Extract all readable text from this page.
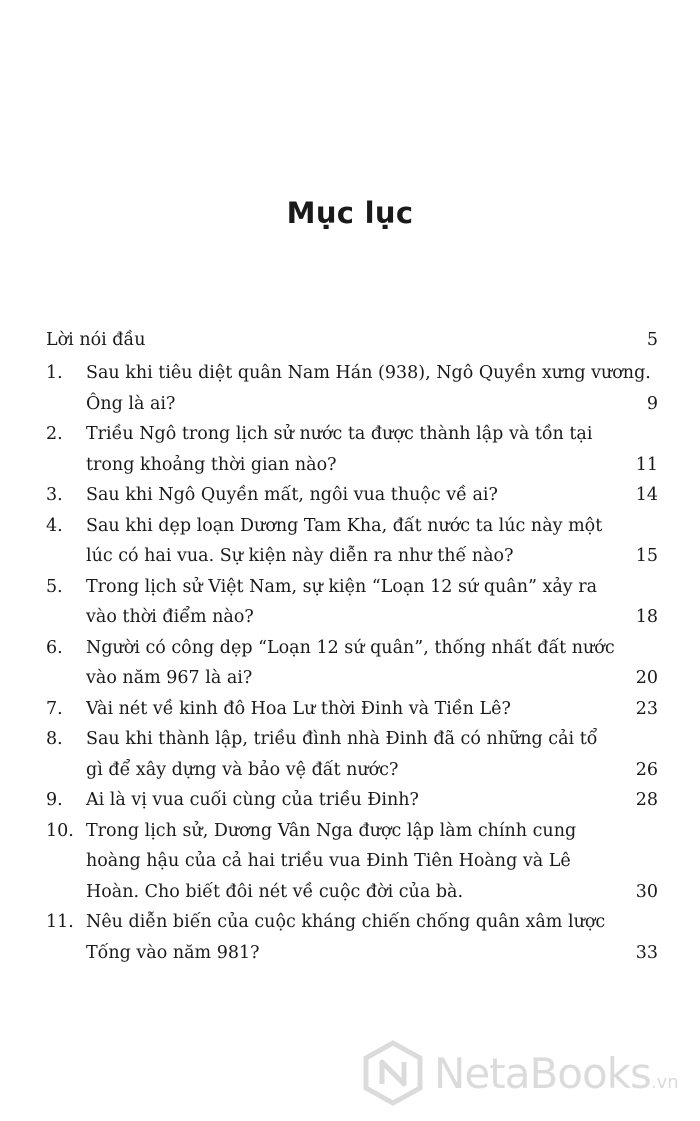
Mục lục
Lời nói đầu	5
1.	Sau khi tiêu diệt quân Nam Hán (938), Ngô Quyền xưng vương. Ông là ai?	9
2.	Triều Ngô trong lịch sử nước ta được thành lập và tồn tại trong khoảng thời gian nào?	11
3.	Sau khi Ngô Quyền mất, ngôi vua thuộc về ai?	14
4.	Sau khi dẹp loạn Dương Tam Kha, đất nước ta lúc này một lúc có hai vua. Sự kiện này diễn ra như thế nào?	15
5.	Trong lịch sử Việt Nam, sự kiện “Loạn 12 sứ quân” xảy ra vào thời điểm nào?	18
6.	Người có công dẹp “Loạn 12 sứ quân”, thống nhất đất nước vào năm 967 là ai?	20
7.	Vài nét về kinh đô Hoa Lư thời Đinh và Tiền Lê?	23
8.	Sau khi thành lập, triều đình nhà Đinh đã có những cải tổ gì để xây dựng và bảo vệ đất nước?	26
9.	Ai là vị vua cuối cùng của triều Đinh?	28
10. Trong lịch sử, Dương Vân Nga được lập làm chính cung hoàng hậu của cả hai triều vua Đinh Tiên Hoàng và Lê Hoàn. Cho biết đôi nét về cuộc đời của bà.	30
11. Nêu diễn biến của cuộc kháng chiến chống quân xâm lược Tống vào năm 981?	33
NetaBooks.vn
